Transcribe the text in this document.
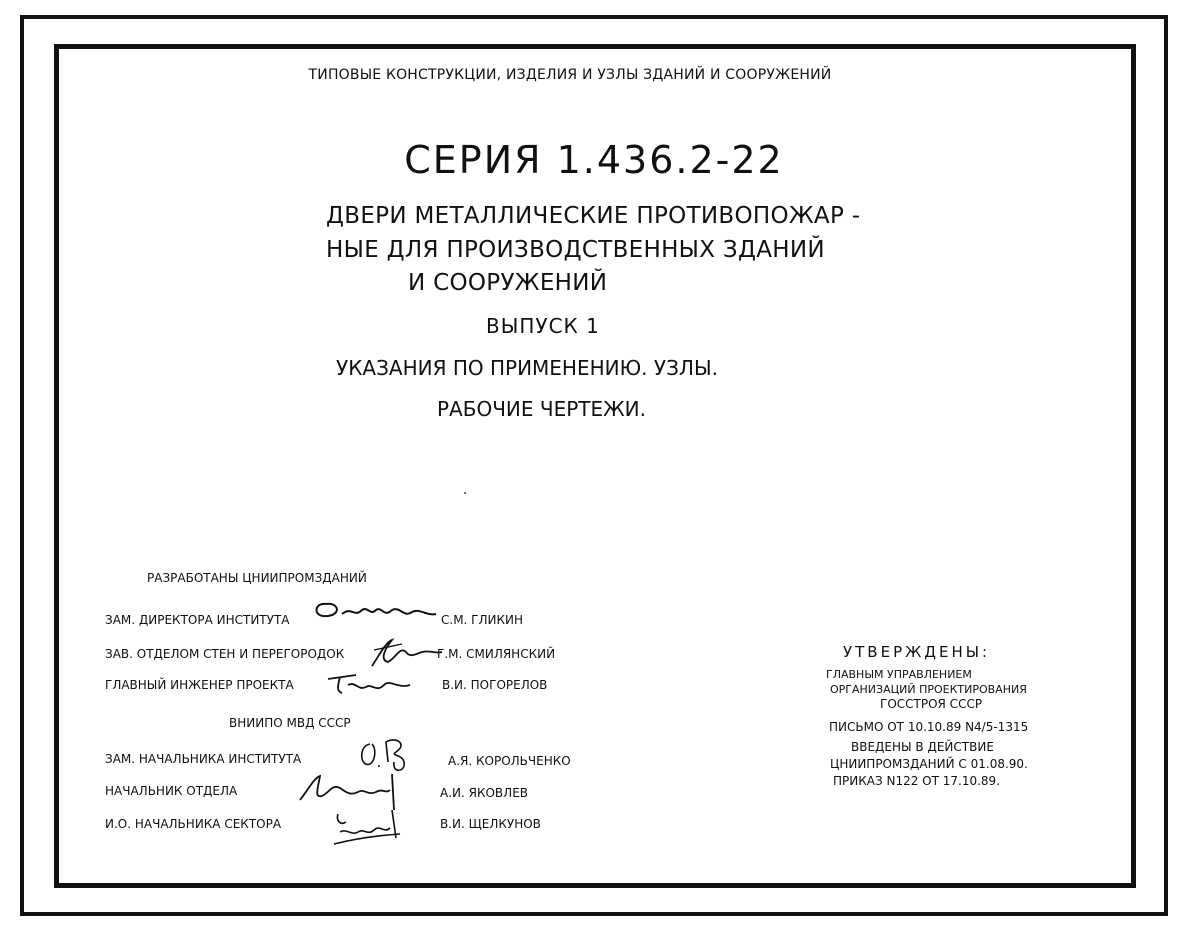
ТИПОВЫЕ КОНСТРУКЦИИ, ИЗДЕЛИЯ И УЗЛЫ ЗДАНИЙ И СООРУЖЕНИЙ
СЕРИЯ 1.436.2-22
ДВЕРИ МЕТАЛЛИЧЕСКИЕ ПРОТИВОПОЖАР -
НЫЕ ДЛЯ ПРОИЗВОДСТВЕННЫХ ЗДАНИЙ
И СООРУЖЕНИЙ
ВЫПУСК 1
УКАЗАНИЯ ПО ПРИМЕНЕНИЮ. УЗЛЫ.
РАБОЧИЕ ЧЕРТЕЖИ.
РАЗРАБОТАНЫ ЦНИИПРОМЗДАНИЙ
ЗАМ. ДИРЕКТОРА ИНСТИТУТА	С.М. ГЛИКИН
ЗАВ. ОТДЕЛОМ СТЕН И ПЕРЕГОРОДОК	Г.М. СМИЛЯНСКИЙ
ГЛАВНЫЙ ИНЖЕНЕР ПРОЕКТА	В.И. ПОГОРЕЛОВ
ВНИИПО МВД СССР
ЗАМ. НАЧАЛЬНИКА ИНСТИТУТА	А.Я. КОРОЛЬЧЕНКО
НАЧАЛЬНИК ОТДЕЛА	А.И. ЯКОВЛЕВ
И.О. НАЧАЛЬНИКА СЕКТОРА	В.И. ЩЕЛКУНОВ
УТВЕРЖДЕНЫ:
ГЛАВНЫМ УПРАВЛЕНИЕМ
ОРГАНИЗАЦИЙ ПРОЕКТИРОВАНИЯ
ГОССТРОЯ СССР
ПИСЬМО ОТ 10.10.89 N4/5-1315
ВВЕДЕНЫ В ДЕЙСТВИЕ
ЦНИИПРОМЗДАНИЙ С 01.08.90.
ПРИКАЗ N122 ОТ 17.10.89.
